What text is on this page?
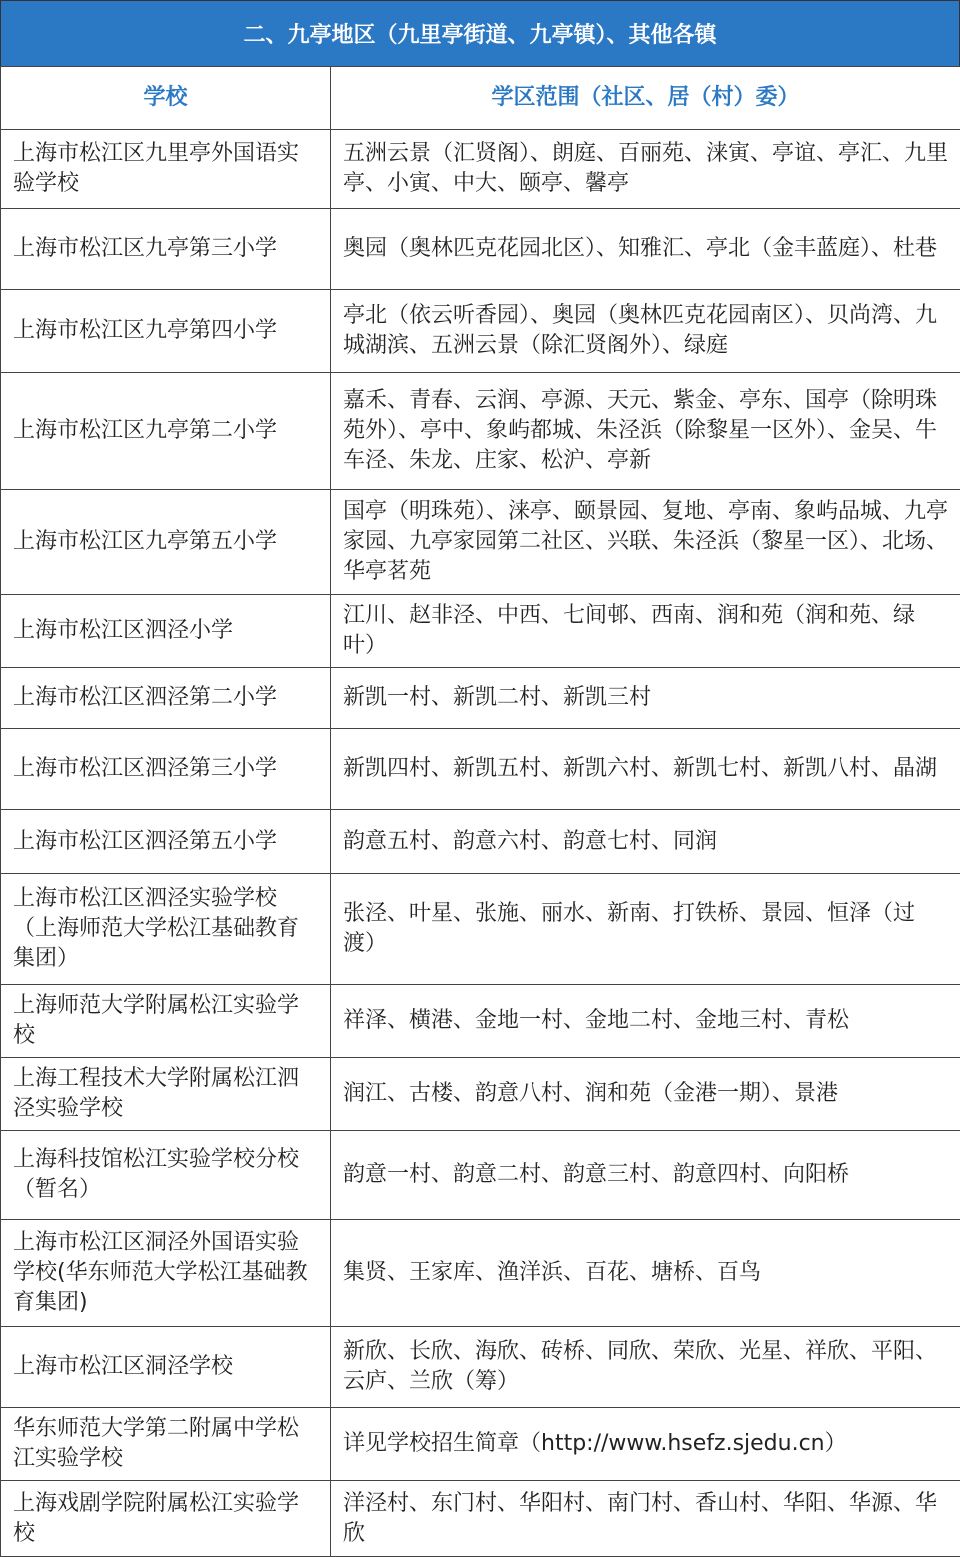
二、九亭地区（九里亭街道、九亭镇）、其他各镇
学校	学区范围（社区、居（村）委）
上海市松江区九里亭外国语实验学校	五洲云景（汇贤阁）、朗庭、百丽苑、涞寅、亭谊、亭汇、九里亭、小寅、中大、颐亭、馨亭
上海市松江区九亭第三小学	奥园（奥林匹克花园北区）、知雅汇、亭北（金丰蓝庭）、杜巷
上海市松江区九亭第四小学	亭北（依云听香园）、奥园（奥林匹克花园南区）、贝尚湾、九城湖滨、五洲云景（除汇贤阁外）、绿庭
上海市松江区九亭第二小学	嘉禾、青春、云润、亭源、天元、紫金、亭东、国亭（除明珠苑外）、亭中、象屿都城、朱泾浜（除黎星一区外）、金吴、牛车泾、朱龙、庄家、松沪、亭新
上海市松江区九亭第五小学	国亭（明珠苑）、涞亭、颐景园、复地、亭南、象屿品城、九亭家园、九亭家园第二社区、兴联、朱泾浜（黎星一区）、北场、华亭茗苑
上海市松江区泗泾小学	江川、赵非泾、中西、七间邨、西南、润和苑（润和苑、绿叶）
上海市松江区泗泾第二小学	新凯一村、新凯二村、新凯三村
上海市松江区泗泾第三小学	新凯四村、新凯五村、新凯六村、新凯七村、新凯八村、晶湖
上海市松江区泗泾第五小学	韵意五村、韵意六村、韵意七村、同润
上海市松江区泗泾实验学校（上海师范大学松江基础教育集团）	张泾、叶星、张施、丽水、新南、打铁桥、景园、恒泽（过渡）
上海师范大学附属松江实验学校	祥泽、横港、金地一村、金地二村、金地三村、青松
上海工程技术大学附属松江泗泾实验学校	润江、古楼、韵意八村、润和苑（金港一期）、景港
上海科技馆松江实验学校分校（暂名）	韵意一村、韵意二村、韵意三村、韵意四村、向阳桥
上海市松江区洞泾外国语实验学校(华东师范大学松江基础教育集团)	集贤、王家库、渔洋浜、百花、塘桥、百鸟
上海市松江区洞泾学校	新欣、长欣、海欣、砖桥、同欣、荣欣、光星、祥欣、平阳、云庐、兰欣（筹）
华东师范大学第二附属中学松江实验学校	详见学校招生简章（http://www.hsefz.sjedu.cn）
上海戏剧学院附属松江实验学校	洋泾村、东门村、华阳村、南门村、香山村、华阳、华源、华欣
